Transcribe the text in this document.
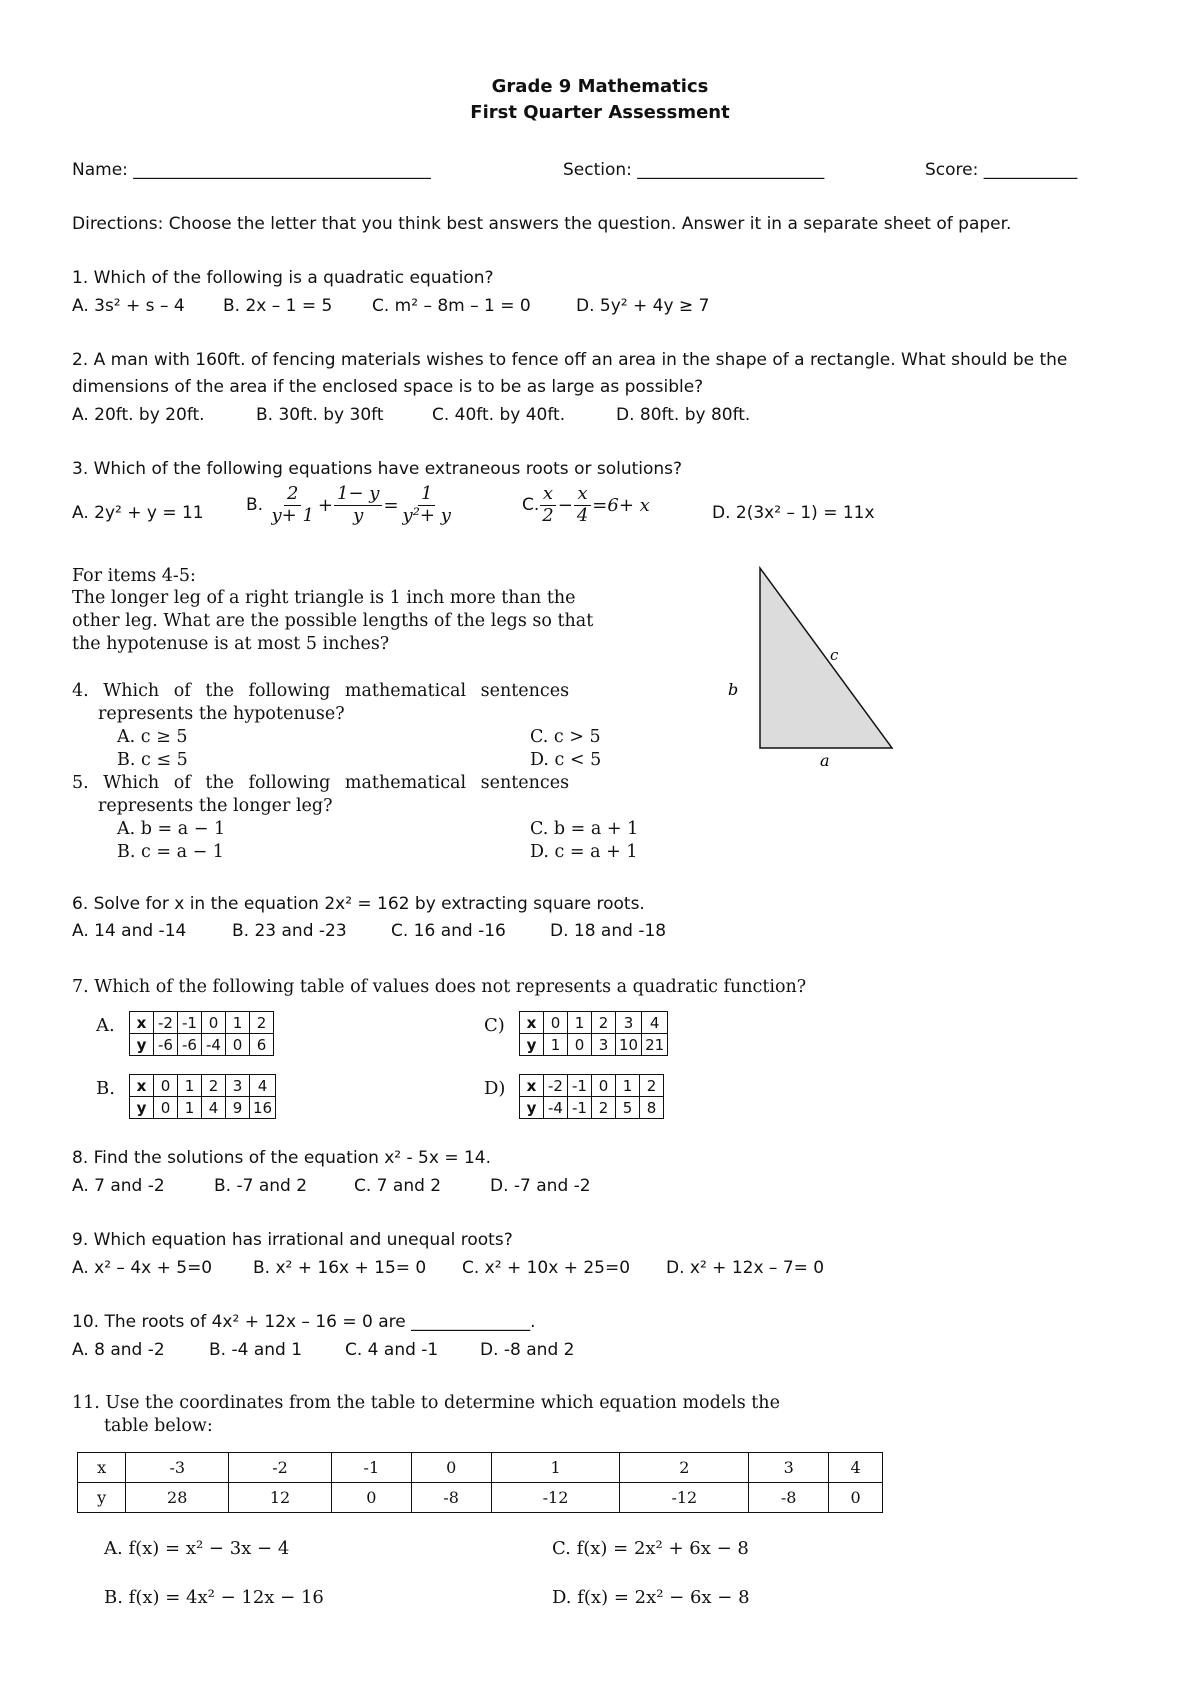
Grade 9 Mathematics
First Quarter Assessment
Name: ___________________________________	Section: ______________________	Score: ___________
Directions: Choose the letter that you think best answers the question. Answer it in a separate sheet of paper.
1. Which of the following is a quadratic equation?
A. 3s² + s – 4 B. 2x – 1 = 5 C. m² – 8m – 1 = 0	D. 5y² + 4y ≥ 7
2. A man with 160ft. of fencing materials wishes to fence off an area in the shape of a rectangle. What should be the
dimensions of the area if the enclosed space is to be as large as possible?
A. 20ft. by 20ft.	B. 30ft. by 30ft	C. 40ft. by 40ft.	D. 80ft. by 80ft.
3. Which of the following equations have extraneous roots or solutions?
A. 2y² + y = 11 B. $\frac{2}{y+ 1} + \frac{1- y}{y} = \frac{1}{\text{y²+ y}}$	C. $\frac{x}{2} - \frac{x}{4} =6+ x$	D. 2(3x² – 1) = 11x
For items 4-5:
The longer leg of a right triangle is 1 inch more than the
other leg. What are the possible lengths of the legs so that
the hypotenuse is at most 5 inches?
4. Which of the following mathematical sentences
represents the hypotenuse?
A. c ≥ 5
B. c ≤ 5
C. c > 5
D. c < 5
5. Which of the following mathematical sentences
represents the longer leg?
A. b = a − 1
B. c = a − 1
C. b = a + 1
D. c = a + 1
c
b
a
6. Solve for x in the equation 2x² = 162 by extracting square roots.
A. 14 and -14	B. 23 and -23	C. 16 and -16	D. 18 and -18
7. Which of the following table of values does not represents a quadratic function?
A. x	-2	-1	0	1	2
y	-6	-6	-4	0	6
C) x	0	1	2	3	4
y	1	0	3	10	21
B. x	0	1	2	3	4
y	0	1	4	9	16
D) x	-2	-1	0	1	2
y	-4	-1	2	5	8
8. Find the solutions of the equation x² - 5x = 14.
A. 7 and -2	B. -7 and 2	C. 7 and 2	D. -7 and -2
9. Which equation has irrational and unequal roots?
A. x² – 4x + 5=0 B. x² + 16x + 15= 0 C. x² + 10x + 25=0 D. x² + 12x – 7= 0
10. The roots of 4x² + 12x – 16 = 0 are ______________.
A. 8 and -2	B. -4 and 1	C. 4 and -1 D. -8 and 2
11. Use the coordinates from the table to determine which equation models the
table below:
x	-3	-2	-1	0	1	2	3	4
y	28	12	0	-8	-12	-12	-8	0
A. f(x) = x² − 3x − 4
B. f(x) = 4x² − 12x − 16
C. f(x) = 2x² + 6x − 8
D. f(x) = 2x² − 6x − 8
